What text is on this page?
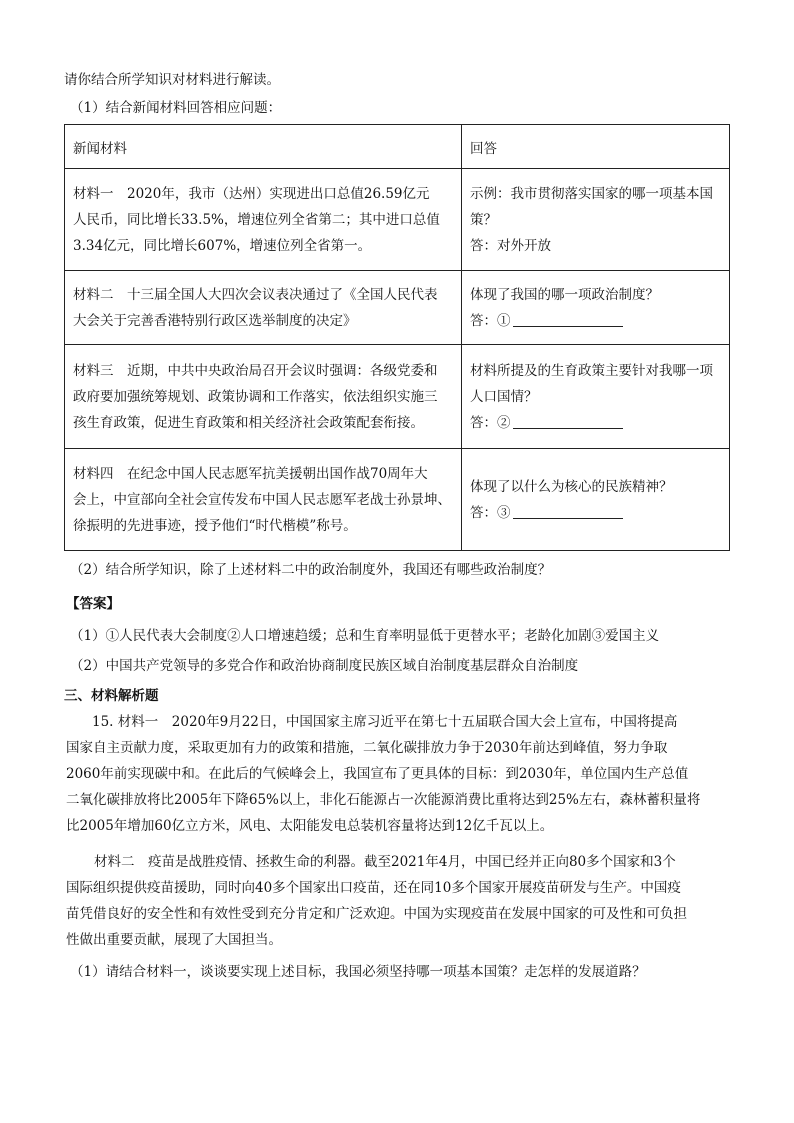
请你结合所学知识对材料进行解读。
（1）结合新闻材料回答相应问题：
新闻材料	回答

材料一　2020年，我市（达州）实现进出口总值26.59亿元
人民币，同比增长33.5%，增速位列全省第二；其中进口总值
3.34亿元，同比增长607%，增速位列全省第一。	示例：我市贯彻落实国家的哪一项基本国
策？
答：对外开放

材料二　十三届全国人大四次会议表决通过了《全国人民代表
大会关于完善香港特别行政区选举制度的决定》	体现了我国的哪一项政治制度？
答：①

材料三　近期，中共中央政治局召开会议时强调：各级党委和
政府要加强统筹规划、政策协调和工作落实，依法组织实施三
孩生育政策，促进生育政策和相关经济社会政策配套衔接。	材料所提及的生育政策主要针对我哪一项
人口国情？
答：②

材料四　在纪念中国人民志愿军抗美援朝出国作战70周年大
会上，中宣部向全社会宣传发布中国人民志愿军老战士孙景坤、
徐振明的先进事迹，授予他们“时代楷模”称号。	体现了以什么为核心的民族精神？
答：③
（2）结合所学知识，除了上述材料二中的政治制度外，我国还有哪些政治制度？
【答案】
（1）①人民代表大会制度②人口增速趋缓；总和生育率明显低于更替水平；老龄化加剧③爱国主义
（2）中国共产党领导的多党合作和政治协商制度民族区域自治制度基层群众自治制度
三、材料解析题
15. 材料一　2020年9月22日，中国国家主席习近平在第七十五届联合国大会上宣布，中国将提高
国家自主贡献力度，采取更加有力的政策和措施，二氧化碳排放力争于2030年前达到峰值，努力争取
2060年前实现碳中和。在此后的气候峰会上，我国宣布了更具体的目标：到2030年，单位国内生产总值
二氧化碳排放将比2005年下降65%以上，非化石能源占一次能源消费比重将达到25%左右，森林蓄积量将
比2005年增加60亿立方米，风电、太阳能发电总装机容量将达到12亿千瓦以上。
材料二　疫苗是战胜疫情、拯救生命的利器。截至2021年4月，中国已经并正向80多个国家和3个
国际组织提供疫苗援助，同时向40多个国家出口疫苗，还在同10多个国家开展疫苗研发与生产。中国疫
苗凭借良好的安全性和有效性受到充分肯定和广泛欢迎。中国为实现疫苗在发展中国家的可及性和可负担
性做出重要贡献，展现了大国担当。
（1）请结合材料一，谈谈要实现上述目标，我国必须坚持哪一项基本国策？走怎样的发展道路？
